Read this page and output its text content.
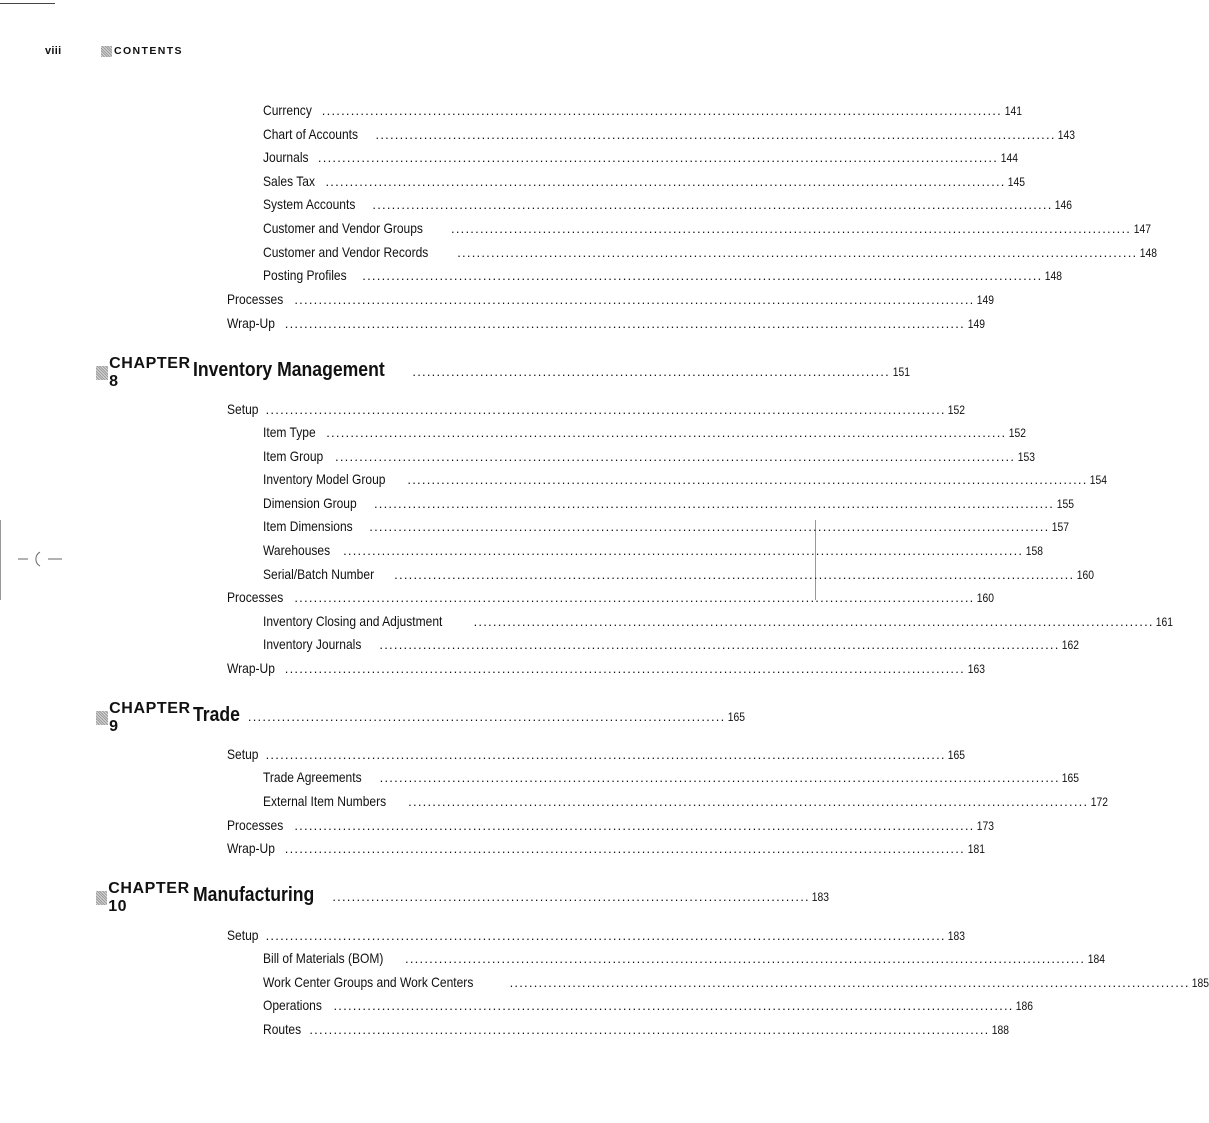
viii	CONTENTS
Currency . . .	141
Chart of Accounts . . .	143
Journals . . .	144
Sales Tax . . .	145
System Accounts . . .	146
Customer and Vendor Groups . . .	147
Customer and Vendor Records . . .	148
Posting Profiles . . .	148
Processes . . .	149
Wrap-Up . . .	149
CHAPTER 8
Inventory Management . . .	151
Setup . . .	152
Item Type . . .	152
Item Group . . .	153
Inventory Model Group . . .	154
Dimension Group . . .	155
Item Dimensions . . .	157
Warehouses . . .	158
Serial/Batch Number . . .	160
Processes . . .	160
Inventory Closing and Adjustment . . .	161
Inventory Journals . . .	162
Wrap-Up . . .	163
CHAPTER 9
Trade . . .	165
Setup . . .	165
Trade Agreements . . .	165
External Item Numbers . . .	172
Processes . . .	173
Wrap-Up . . .	181
CHAPTER 10
Manufacturing . . .	183
Setup . . .	183
Bill of Materials (BOM) . . .	184
Work Center Groups and Work Centers . . .	185
Operations . . .	186
Routes . . .	188
